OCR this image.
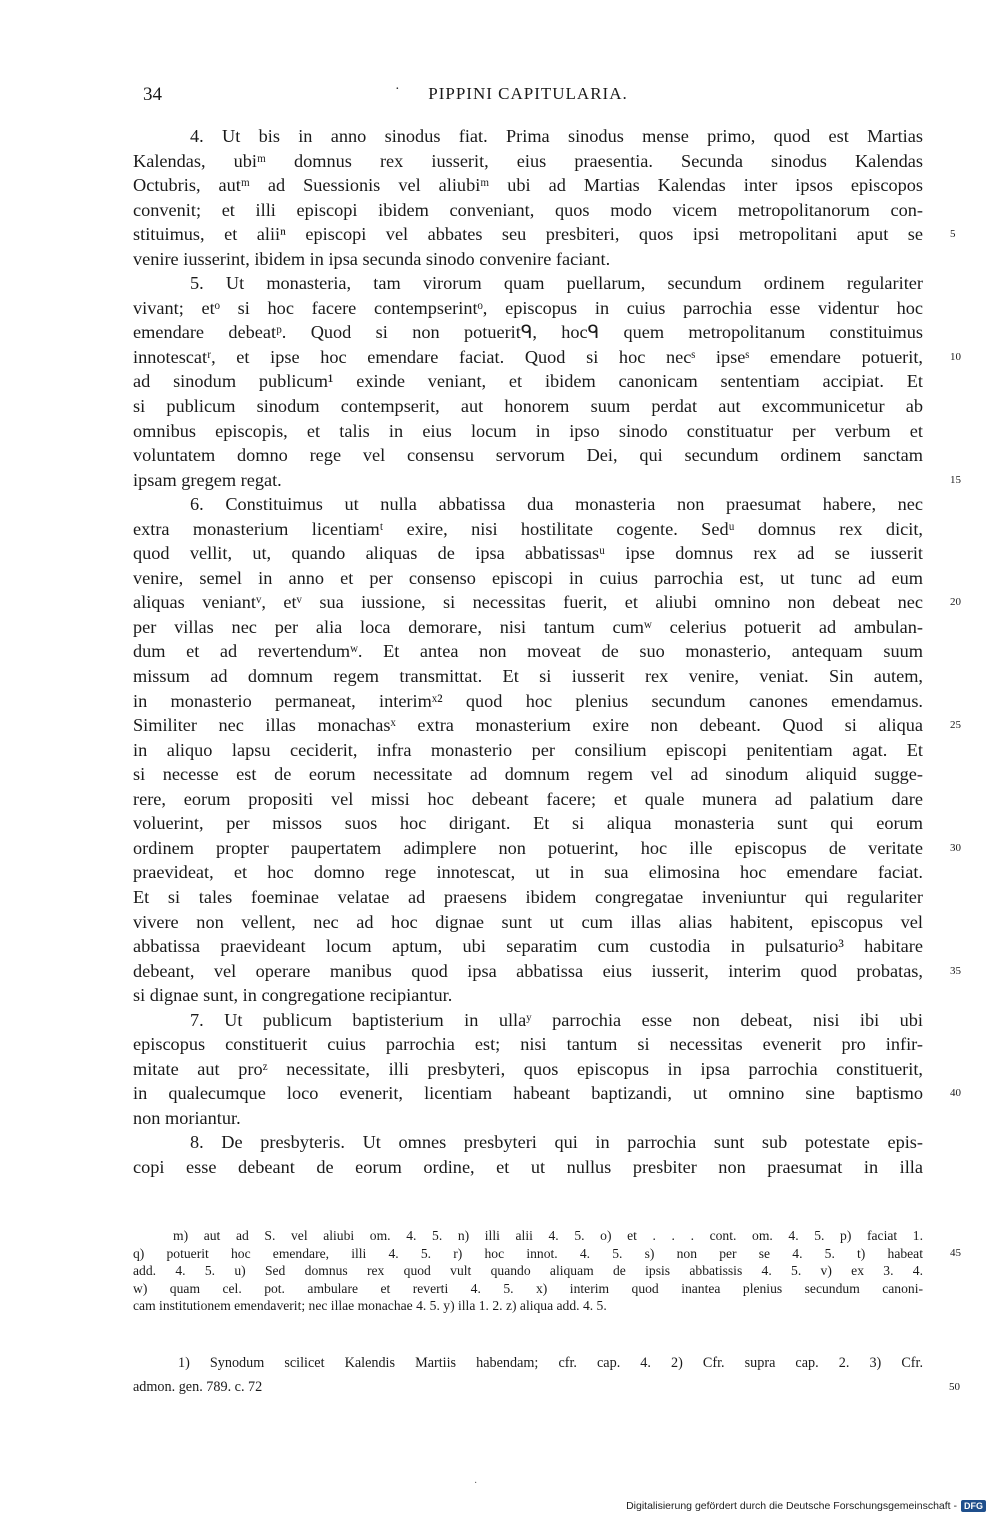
34	·	PIPPINI CAPITULARIA.
4. Ut bis in anno sinodus fiat. Prima sinodus mense primo, quod est Martias
Kalendas, ubiᵐ domnus rex iusserit, eius praesentia. Secunda sinodus Kalendas
Octubris, autᵐ ad Suessionis vel aliubiᵐ ubi ad Martias Kalendas inter ipsos episcopos
convenit; et illi episcopi ibidem conveniant, quos modo vicem metropolitanorum con-
stituimus, et aliiⁿ episcopi vel abbates seu presbiteri, quos ipsi metropolitani aput se 5
venire iusserint, ibidem in ipsa secunda sinodo convenire faciant.
5. Ut monasteria, tam virorum quam puellarum, secundum ordinem regulariter
vivant; etᵒ si hoc facere contempserintᵒ, episcopus in cuius parrochia esse videntur hoc
emendare debeatᵖ. Quod si non potueritᑫ, hocᑫ quem metropolitanum constituimus
innotescatʳ, et ipse hoc emendare faciat. Quod si hoc necˢ ipseˢ emendare potuerit, 10
ad sinodum publicum¹ exinde veniant, et ibidem canonicam sententiam accipiat. Et
si publicum sinodum contempserit, aut honorem suum perdat aut excommunicetur ab
omnibus episcopis, et talis in eius locum in ipso sinodo constituatur per verbum et
voluntatem domno rege vel consensu servorum Dei, qui secundum ordinem sanctam
ipsam gregem regat.	15
6. Constituimus ut nulla abbatissa dua monasteria non praesumat habere, nec
extra monasterium licentiamᵗ exire, nisi hostilitate cogente. Sedᵘ domnus rex dicit,
quod vellit, ut, quando aliquas de ipsa abbatissasᵘ ipse domnus rex ad se iusserit
venire, semel in anno et per consenso episcopi in cuius parrochia est, ut tunc ad eum
aliquas veniantᵛ, etᵛ sua iussione, si necessitas fuerit, et aliubi omnino non debeat nec 20
per villas nec per alia loca demorare, nisi tantum cumʷ celerius potuerit ad ambulan-
dum et ad revertendumʷ. Et antea non moveat de suo monasterio, antequam suum
missum ad domnum regem transmittat. Et si iusserit rex venire, veniat. Sin autem,
in monasterio permaneat, interimˣ² quod hoc plenius secundum canones emendamus.
Similiter nec illas monachasˣ extra monasterium exire non debeant. Quod si aliqua 25
in aliquo lapsu ceciderit, infra monasterio per consilium episcopi penitentiam agat. Et
si necesse est de eorum necessitate ad domnum regem vel ad sinodum aliquid sugge-
rere, eorum propositi vel missi hoc debeant facere; et quale munera ad palatium dare
voluerint, per missos suos hoc dirigant. Et si aliqua monasteria sunt qui eorum
ordinem propter paupertatem adimplere non potuerint, hoc ille episcopus de veritate 30
praevideat, et hoc domno rege innotescat, ut in sua elimosina hoc emendare faciat.
Et si tales foeminae velatae ad praesens ibidem congregatae inveniuntur qui regulariter
vivere non vellent, nec ad hoc dignae sunt ut cum illas alias habitent, episcopus vel
abbatissa praevideant locum aptum, ubi separatim cum custodia in pulsaturio³ habitare
debeant, vel operare manibus quod ipsa abbatissa eius iusserit, interim quod probatas, 35
si dignae sunt, in congregatione recipiantur.
7. Ut publicum baptisterium in ullaʸ parrochia esse non debeat, nisi ibi ubi
episcopus constituerit cuius parrochia est; nisi tantum si necessitas evenerit pro infir-
mitate aut proᶻ necessitate, illi presbyteri, quos episcopus in ipsa parrochia constituerit,
in qualecumque loco evenerit, licentiam habeant baptizandi, ut omnino sine baptismo 40
non moriantur.
8. De presbyteris. Ut omnes presbyteri qui in parrochia sunt sub potestate epis-
copi esse debeant de eorum ordine, et ut nullus presbiter non praesumat in illa
m) aut ad S. vel aliubi om. 4. 5. n) illi alii 4. 5. o) et . . . cont. om. 4. 5. p) faciat 1.
q) potuerit hoc emendare, illi 4. 5. r) hoc innot. 4. 5. s) non per se 4. 5. t) habeat 45
add. 4. 5. u) Sed domnus rex quod vult quando aliquam de ipsis abbatissis 4. 5. v) ex 3. 4.
w) quam cel. pot. ambulare et reverti 4. 5. x) interim quod inantea plenius secundum canoni-
cam institutionem emendaverit; nec illae monachae 4. 5. y) illa 1. 2. z) aliqua add. 4. 5.
1) Synodum scilicet Kalendis Martiis habendam; cfr. cap. 4. 2) Cfr. supra cap. 2. 3) Cfr.
admon. gen. 789. c. 72	50
·
Digitalisierung gefördert durch die Deutsche Forschungsgemeinschaft - DFG
